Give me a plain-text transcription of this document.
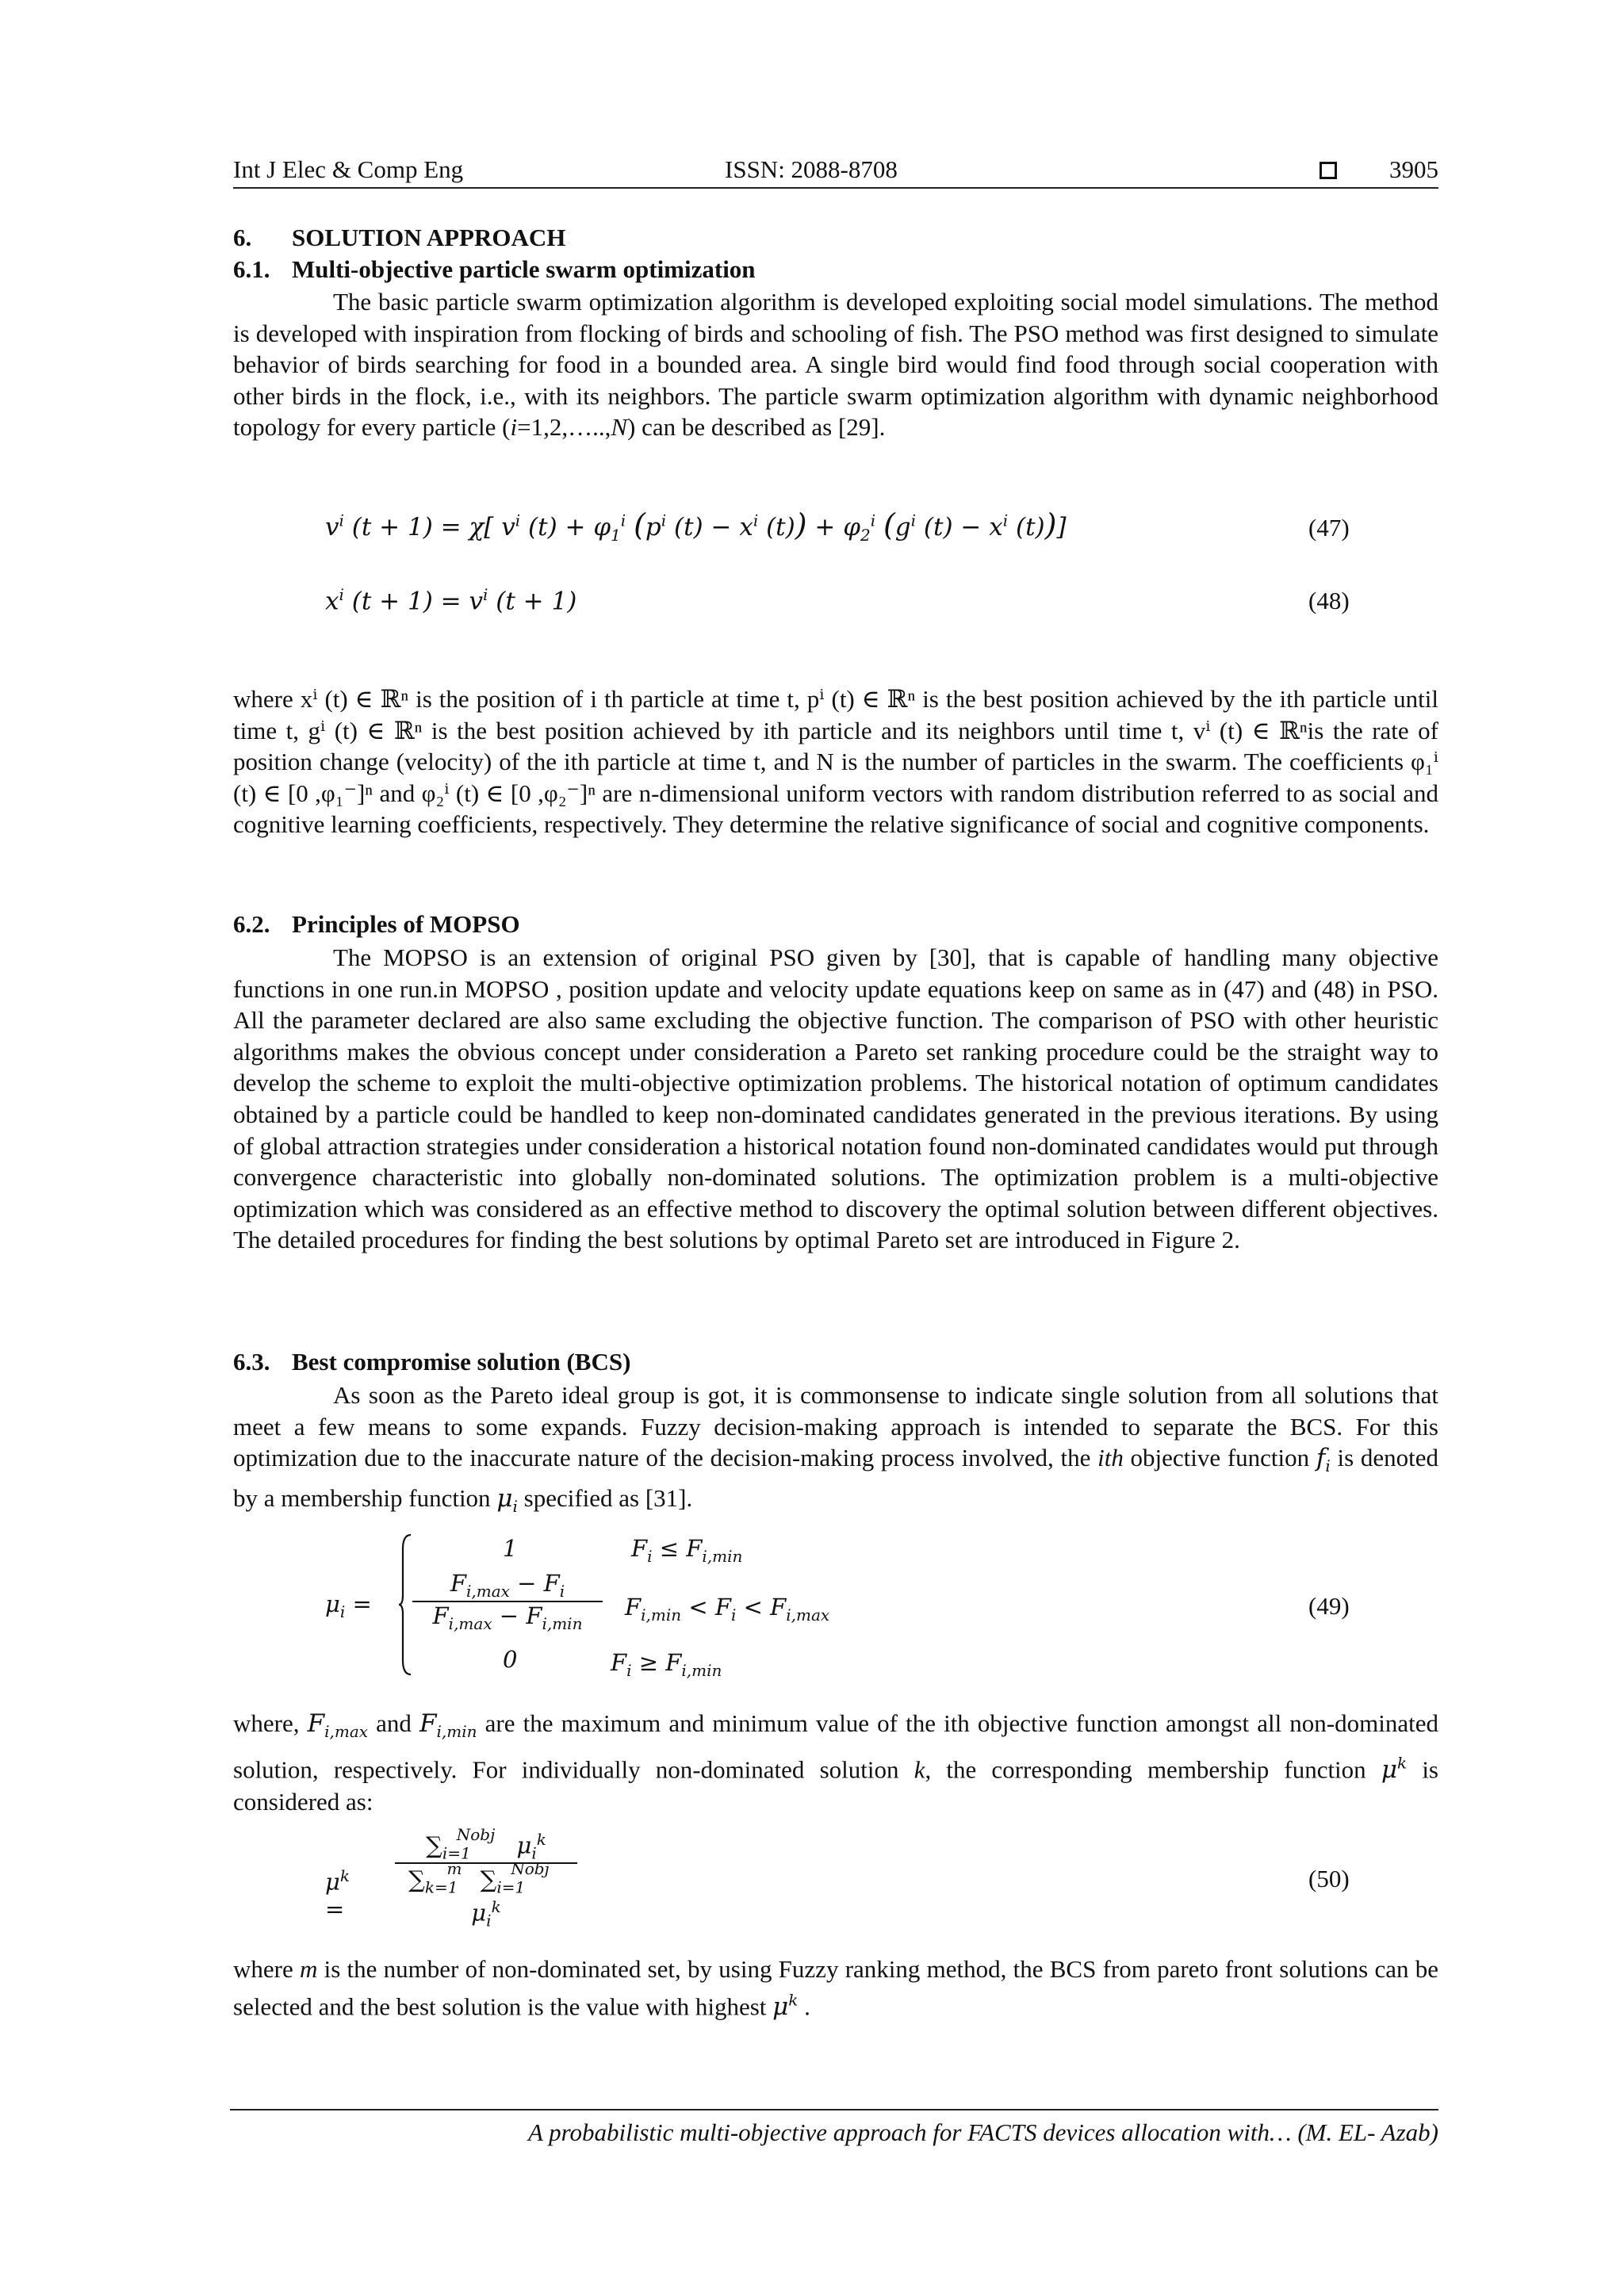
Int J Elec & Comp Eng	ISSN: 2088-8708	3905
6. SOLUTION APPROACH
6.1. Multi-objective particle swarm optimization

The basic particle swarm optimization algorithm is developed exploiting social model simulations. The method is developed with inspiration from flocking of birds and schooling of fish. The PSO method was first designed to simulate behavior of birds searching for food in a bounded area. A single bird would find food through social cooperation with other birds in the flock, i.e., with its neighbors. The particle swarm optimization algorithm with dynamic neighborhood topology for every particle (i=1,2,…..,N) can be described as [29].

$v^i$ (t + 1) = χ[ $v^i$ $(t) + \varphi_1^i$ ($p^i$ $(t) - x^i$ $(t)) + \varphi_2^i$ ($g^i$ $(t) - x^i$ (t))]	(47)
$x^i$ $(t + 1) = v^i$ (t + 1)	(48)
where xⁱ (t) ∈ ℝⁿ is the position of i th particle at time t, pⁱ (t) ∈ ℝⁿ is the best position achieved by the ith particle until time t, gⁱ (t) ∈ ℝⁿ is the best position achieved by ith particle and its neighbors until time t, vⁱ (t) ∈ ℝⁿis the rate of position change (velocity) of the ith particle at time t, and N is the number of particles in the swarm. The coefficients φ₁ⁱ (t) ∈ [0 ,φ₁⁻]ⁿ and φ₂ⁱ (t) ∈ [0 ,φ₂⁻]ⁿ are n-dimensional uniform vectors with random distribution referred to as social and cognitive learning coefficients, respectively. They determine the relative significance of social and cognitive components.
6.2. Principles of MOPSO

The MOPSO is an extension of original PSO given by [30], that is capable of handling many objective functions in one run.in MOPSO , position update and velocity update equations keep on same as in (47) and (48) in PSO. All the parameter declared are also same excluding the objective function. The comparison of PSO with other heuristic algorithms makes the obvious concept under consideration a Pareto set ranking procedure could be the straight way to develop the scheme to exploit the multi-objective optimization problems. The historical notation of optimum candidates obtained by a particle could be handled to keep non-dominated candidates generated in the previous iterations. By using of global attraction strategies under consideration a historical notation found non-dominated candidates would put through convergence characteristic into globally non-dominated solutions. The optimization problem is a multi-objective optimization which was considered as an effective method to discovery the optimal solution between different objectives. The detailed procedures for finding the best solutions by optimal Pareto set are introduced in Figure 2.

6.3. Best compromise solution (BCS)

As soon as the Pareto ideal group is got, it is commonsense to indicate single solution from all solutions that meet a few means to some expands. Fuzzy decision-making approach is intended to separate the BCS. For this optimization due to the inaccurate nature of the decision-making process involved, the ith objective function $f_i$ is denoted by a membership function $\mu_i$ specified as [31].

$\mu_i$ =
1	$F_i \le F_{i,min}$
$F_{i,max} - F_i$
$F_{i,max} - F_{i,min}$
$F_{i,min} < F_i < F_{i,max}$
0	$F_i \ge F_{i,min}$
(49)

where, $F_{i,max}$ and $F_{i,min}$ are the maximum and minimum value of the ith objective function amongst all non-dominated solution, respectively. For individually non-dominated solution k, the corresponding membership function $\mu^k$ is considered as:

$\mu^k$ =
$\sum_{i=1}^{Nobj}$ $\mu_i^k$
$\sum_{k=1}^m$ $\sum_{i=1}^{Nobj}$ $\mu_i^k$
(50)

where m is the number of non-dominated set, by using Fuzzy ranking method, the BCS from pareto front solutions can be selected and the best solution is the value with highest $\mu^k$ .

A probabilistic multi-objective approach for FACTS devices allocation with… (M. EL- Azab)
